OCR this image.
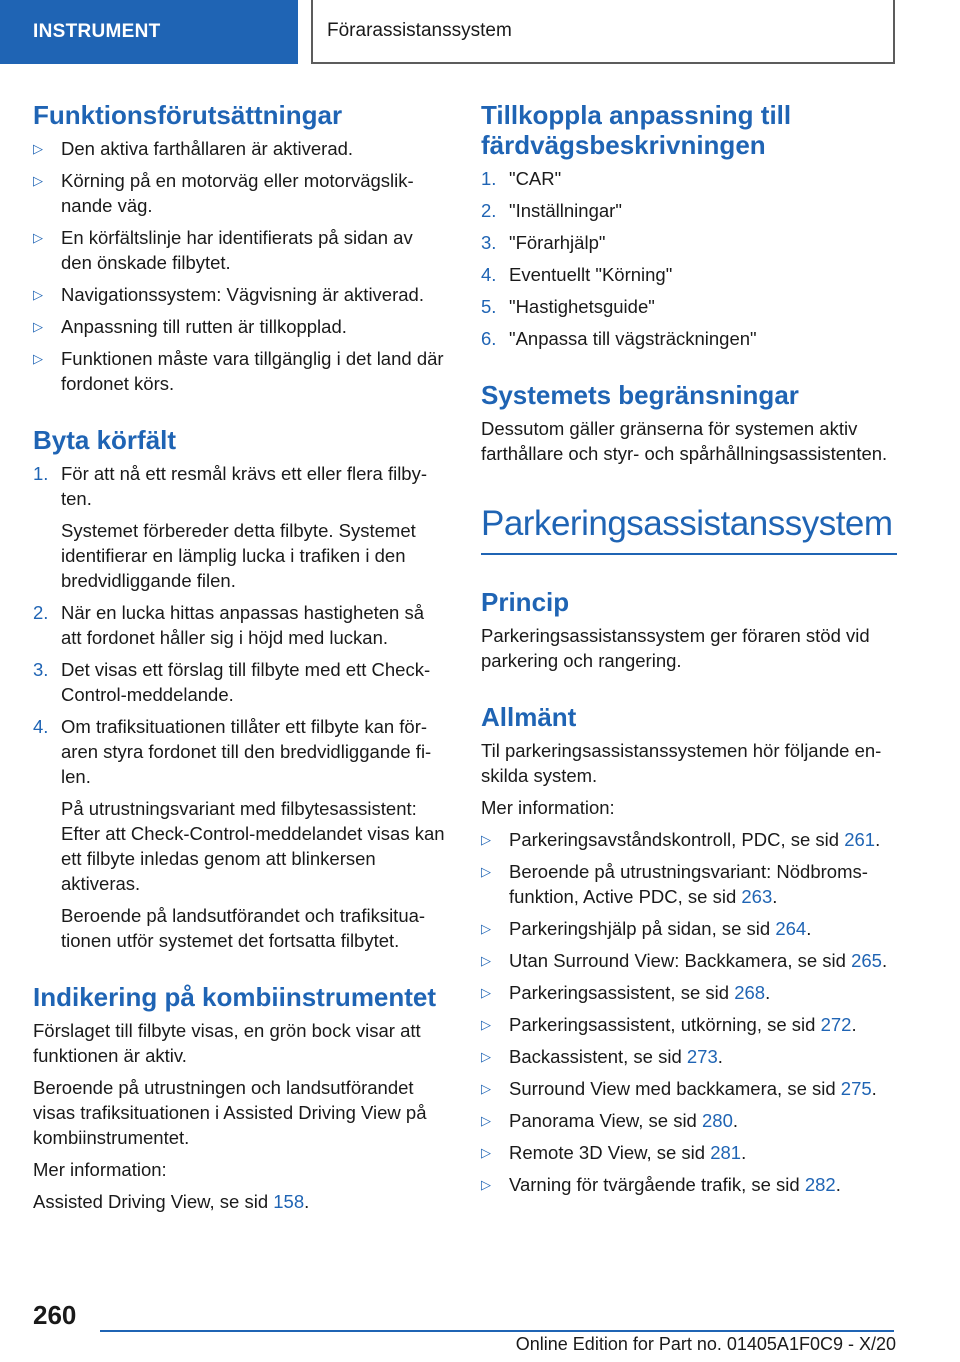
INSTRUMENT	Förarassistanssystem
Funktionsförutsättningar
▷ Den aktiva farthållaren är aktiverad.
▷ Körning på en motorväg eller motorvägslik-nande väg.
▷ En körfältslinje har identifierats på sidan av den önskade filbytet.
▷ Navigationssystem: Vägvisning är aktiverad.
▷ Anpassning till rutten är tillkopplad.
▷ Funktionen måste vara tillgänglig i det land där fordonet körs.
Byta körfält
1. För att nå ett resmål krävs ett eller flera filby-ten.
Systemet förbereder detta filbyte. Systemet identifierar en lämplig lucka i trafiken i den bredvidliggande filen.
2. När en lucka hittas anpassas hastigheten så att fordonet håller sig i höjd med luckan.
3. Det visas ett förslag till filbyte med ett Check-Control-meddelande.
4. Om trafiksituationen tillåter ett filbyte kan för-aren styra fordonet till den bredvidliggande fi-len.
På utrustningsvariant med filbytesassistent: Efter att Check-Control-meddelandet visas kan ett filbyte inledas genom att blinkersen aktiveras.
Beroende på landsutförandet och trafiksitua-tionen utför systemet det fortsatta filbytet.
Indikering på kombiinstrumentet

Förslaget till filbyte visas, en grön bock visar att funktionen är aktiv.

Beroende på utrustningen och landsutförandet visas trafiksituationen i Assisted Driving View på kombiinstrumentet.

Mer information:

Assisted Driving View, se sid 158.

Tillkoppla anpassning till färdvägsbeskrivningen
1. "CAR"
2. "Inställningar"
3. "Förarhjälp"
4. Eventuellt "Körning"
5. "Hastighetsguide"
6. "Anpassa till vägsträckningen"
Systemets begränsningar

Dessutom gäller gränserna för systemen aktiv farthållare och styr- och spårhållningsassistenten.

Parkeringsassistanssystem
Princip

Parkeringsassistanssystem ger föraren stöd vid parkering och rangering.

Allmänt

Til parkeringsassistanssystemen hör följande en-skilda system.

Mer information:

▷ Parkeringsavståndskontroll, PDC, se sid 261.
▷ Beroende på utrustningsvariant: Nödbroms-funktion, Active PDC, se sid 263.
▷ Parkeringshjälp på sidan, se sid 264.
▷ Utan Surround View: Backkamera, se sid 265.
▷ Parkeringsassistent, se sid 268.
▷ Parkeringsassistent, utkörning, se sid 272.
▷ Backassistent, se sid 273.
▷ Surround View med backkamera, se sid 275.
▷ Panorama View, se sid 280.
▷ Remote 3D View, se sid 281.
▷ Varning för tvärgående trafik, se sid 282.
260
Online Edition for Part no. 01405A1F0C9 - X/20
